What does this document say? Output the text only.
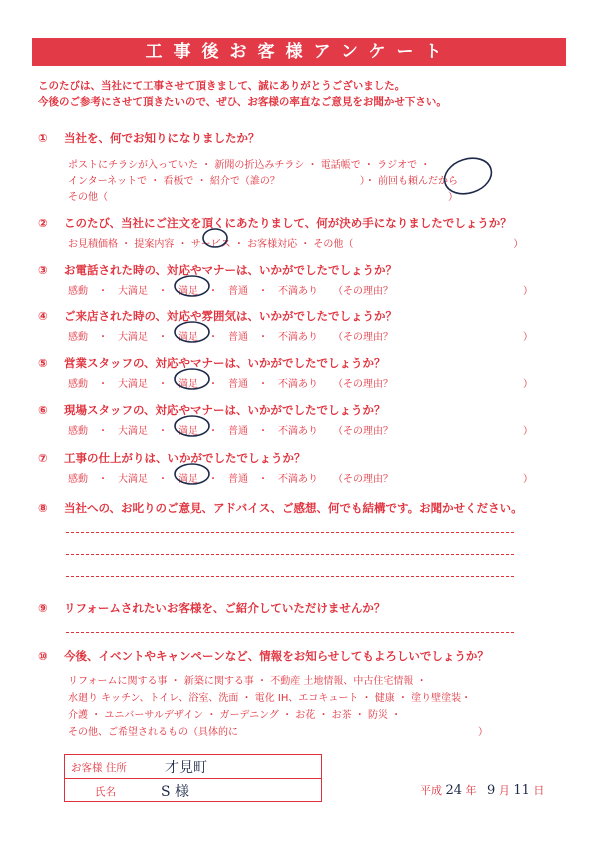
工事後お客様アンケート
このたびは、当社にて工事させて頂きまして、誠にありがとうございました。
今後のご参考にさせて頂きたいので、ぜひ、お客様の率直なご意見をお聞かせ下さい。
① 当社を、何でお知りになりましたか？
ポストにチラシが入っていた ・ 新聞の折込みチラシ ・ 電話帳で ・ ラジオで ・
インターネットで ・ 看板で ・ 紹介で（誰の？　　　　　　　　）・ 前回も頼んだから
その他（　　　　　　　　　　　　　　　　　　　　　　　　　　　　　　　　　　）
② このたび、当社にご注文を頂くにあたりまして、何が決め手になりましたでしょうか？
お見積価格 ・ 提案内容 ・ サービス ・ お客様対応 ・ その他（　　　　　　　　　　　　　　　　）
③ お電話された時の、対応やマナーは、いかがでしたでしょうか？
感動　・　大満足　・　満足　・　普通　・　不満あり　　（その理由？　　　　　　　　　　　　　）
④ ご来店された時の、対応や雰囲気は、いかがでしたでしょうか？
感動　・　大満足　・　満足　・　普通　・　不満あり　　（その理由？　　　　　　　　　　　　　）
⑤ 営業スタッフの、対応やマナーは、いかがでしたでしょうか？
感動　・　大満足　・　満足　・　普通　・　不満あり　　（その理由？　　　　　　　　　　　　　）
⑥ 現場スタッフの、対応やマナーは、いかがでしたでしょうか？
感動　・　大満足　・　満足　・　普通　・　不満あり　　（その理由？　　　　　　　　　　　　　）
⑦ 工事の仕上がりは、いかがでしたでしょうか？
感動　・　大満足　・　満足　・　普通　・　不満あり　　（その理由？　　　　　　　　　　　　　）
⑧ 当社への、お叱りのご意見、アドバイス、ご感想、何でも結構です。お聞かせください。
⑨ リフォームされたいお客様を、ご紹介していただけませんか？
⑩ 今後、イベントやキャンペーンなど、情報をお知らせしてもよろしいでしょうか？
リフォームに関する事 ・ 新築に関する事 ・ 不動産 土地情報、中古住宅情報 ・
水廻り キッチン、トイレ、浴室、洗面 ・ 電化 IH、エコキュート ・ 健康 ・ 塗り壁塗装・
介護 ・ ユニバーサルデザイン ・ ガーデニング ・ お花 ・ お茶 ・ 防災 ・
その他、ご希望されるもの（具体的に　　　　　　　　　　　　　　　　　　　　　　　　）
お客様 住所	才見町
氏名	S 様	平成 24 年 9 月 11 日
